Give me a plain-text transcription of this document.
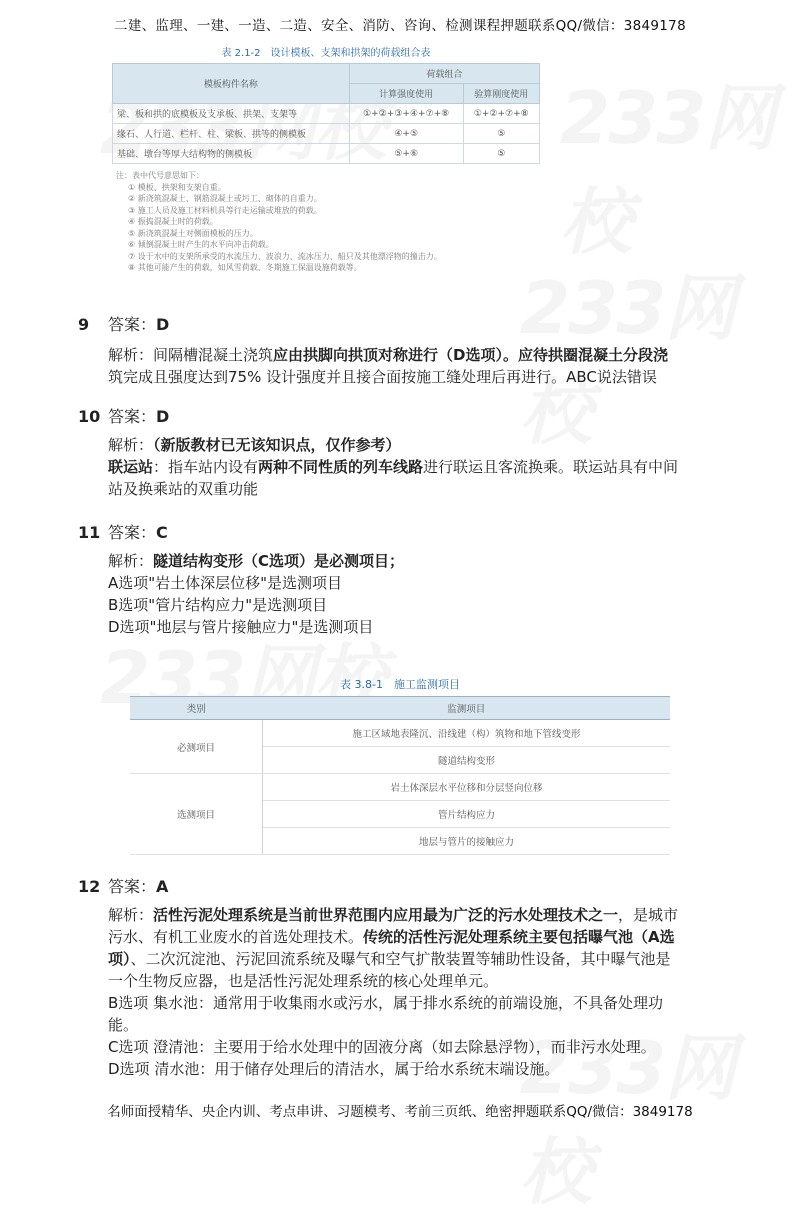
二建、监理、一建、一造、二造、安全、消防、咨询、检测课程押题联系QQ/微信：3849178
表 2.1-2　设计模板、支架和拱架的荷载组合表
模板构件名称	荷载组合	
	计算强度使用	验算刚度使用
梁、板和拱的底模板及支承板、拱架、支架等	①+②+③+④+⑦+⑧	①+②+⑦+⑧
缘石、人行道、栏杆、柱、梁板、拱等的侧模板	④+⑤	⑤
基础、墩台等厚大结构物的侧模板	⑤+⑥	⑤
注：表中代号意思如下：
① 模板、拱架和支架自重。
② 新浇筑混凝土、钢筋混凝土或圬工、砌体的自重力。
③ 施工人员及施工材料机具等行走运输或堆放的荷载。
④ 振捣混凝土时的荷载。
⑤ 新浇筑混凝土对侧面模板的压力。
⑥ 倾倒混凝土时产生的水平向冲击荷载。
⑦ 设于水中的支架所承受的水流压力、波浪力、流冰压力、船只及其他漂浮物的撞击力。
⑧ 其他可能产生的荷载，如风雪荷载、冬期施工保温设施荷载等。
9 答案：D
解析：间隔槽混凝土浇筑应由拱脚向拱顶对称进行（D选项）。应待拱圈混凝土分段浇
筑完成且强度达到75% 设计强度并且接合面按施工缝处理后再进行。ABC说法错误
10 答案：D
解析：（新版教材已无该知识点，仅作参考）
联运站：指车站内设有两种不同性质的列车线路进行联运且客流换乘。联运站具有中间
站及换乘站的双重功能
11 答案：C
解析：隧道结构变形（C选项）是必测项目；
A选项"岩土体深层位移"是选测项目
B选项"管片结构应力"是选测项目
D选项"地层与管片接触应力"是选测项目
表 3.8-1　施工监测项目
类别	监测项目
必测项目	施工区域地表隆沉、沿线建（构）筑物和地下管线变形
	隧道结构变形
选测项目	岩土体深层水平位移和分层竖向位移
	管片结构应力
	地层与管片的接触应力
12 答案：A
解析：活性污泥处理系统是当前世界范围内应用最为广泛的污水处理技术之一，是城市
污水、有机工业废水的首选处理技术。传统的活性污泥处理系统主要包括曝气池（A选
项）、二次沉淀池、污泥回流系统及曝气和空气扩散装置等辅助性设备，其中曝气池是
一个生物反应器，也是活性污泥处理系统的核心处理单元。
B选项 集水池：通常用于收集雨水或污水，属于排水系统的前端设施，不具备处理功
能。
C选项 澄清池：主要用于给水处理中的固液分离（如去除悬浮物），而非污水处理。
D选项 清水池：用于储存处理后的清洁水，属于给水系统末端设施。
名师面授精华、央企内训、考点串讲、习题模考、考前三页纸、绝密押题联系QQ/微信：3849178
